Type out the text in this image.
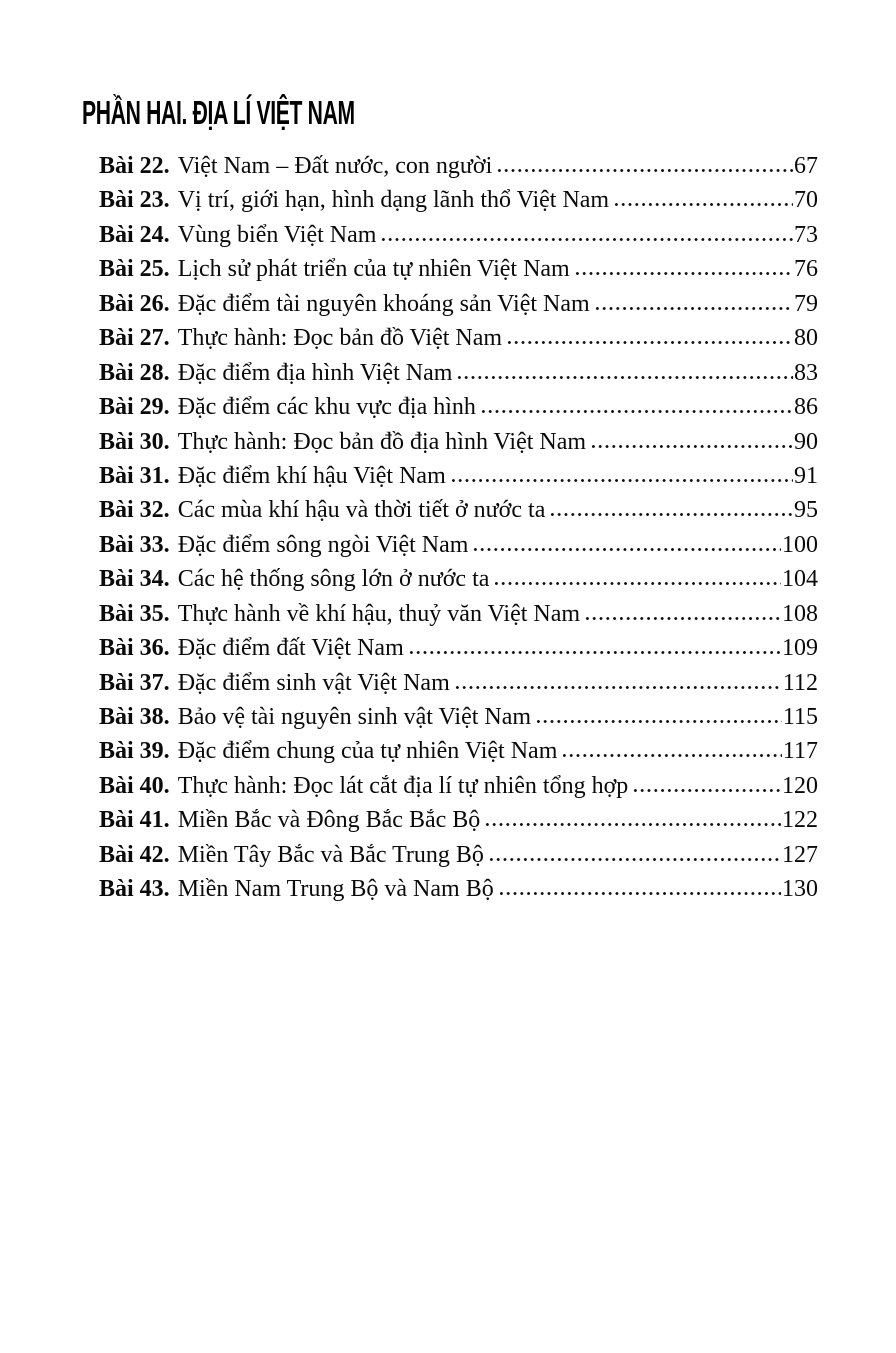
PHẦN HAI. ĐỊA LÍ VIỆT NAM
Bài 22. Việt Nam – Đất nước, con người	67
Bài 23. Vị trí, giới hạn, hình dạng lãnh thổ Việt Nam	70
Bài 24. Vùng biển Việt Nam	73
Bài 25. Lịch sử phát triển của tự nhiên Việt Nam	76
Bài 26. Đặc điểm tài nguyên khoáng sản Việt Nam	79
Bài 27. Thực hành: Đọc bản đồ Việt Nam	80
Bài 28. Đặc điểm địa hình Việt Nam	83
Bài 29. Đặc điểm các khu vực địa hình	86
Bài 30. Thực hành: Đọc bản đồ địa hình Việt Nam	90
Bài 31. Đặc điểm khí hậu Việt Nam	91
Bài 32. Các mùa khí hậu và thời tiết ở nước ta	95
Bài 33. Đặc điểm sông ngòi Việt Nam	100
Bài 34. Các hệ thống sông lớn ở nước ta	104
Bài 35. Thực hành về khí hậu, thuỷ văn Việt Nam	108
Bài 36. Đặc điểm đất Việt Nam	109
Bài 37. Đặc điểm sinh vật Việt Nam	112
Bài 38. Bảo vệ tài nguyên sinh vật Việt Nam	115
Bài 39. Đặc điểm chung của tự nhiên Việt Nam	117
Bài 40. Thực hành: Đọc lát cắt địa lí tự nhiên tổng hợp	120
Bài 41. Miền Bắc và Đông Bắc Bắc Bộ	122
Bài 42. Miền Tây Bắc và Bắc Trung Bộ	127
Bài 43. Miền Nam Trung Bộ và Nam Bộ	130
